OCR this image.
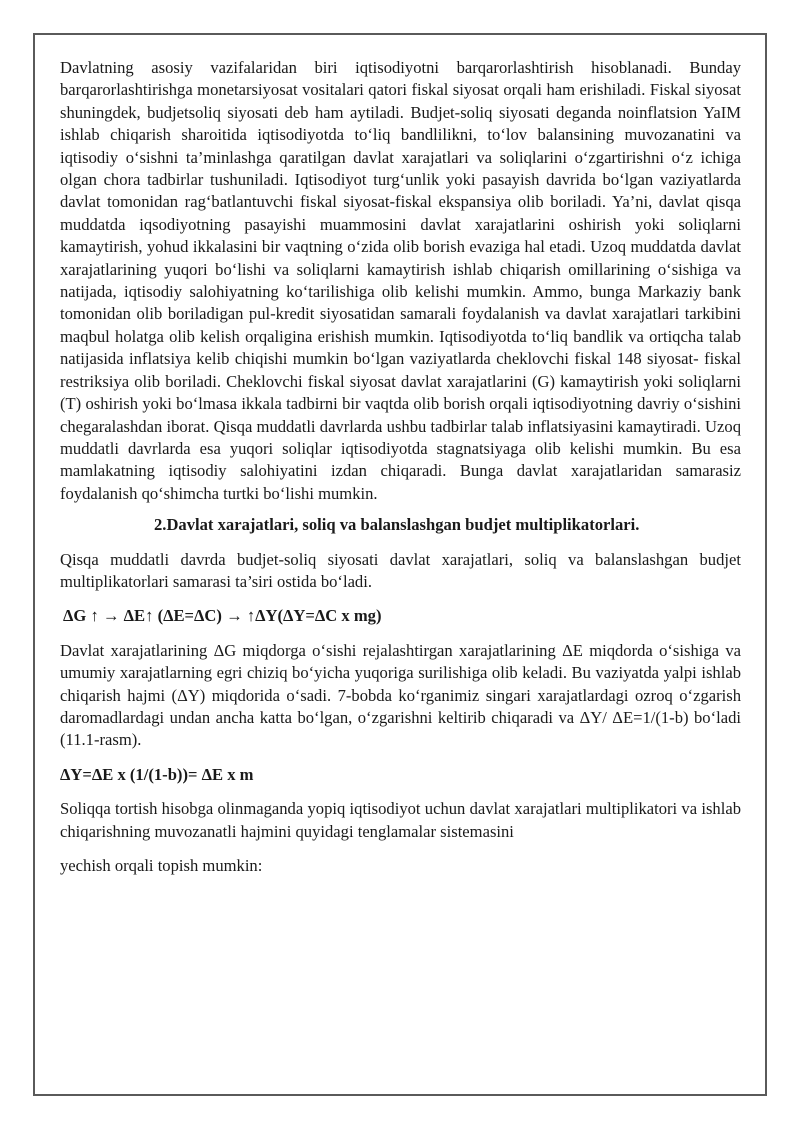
Davlatning asosiy vazifalaridan biri iqtisodiyotni barqarorlashtirish hisoblanadi. Bunday barqarorlashtirishga monetarsiyosat vositalari qatori fiskal siyosat orqali ham erishiladi. Fiskal siyosat shuningdek, budjetsoliq siyosati deb ham aytiladi. Budjet-soliq siyosati deganda noinflatsion YaIM ishlab chiqarish sharoitida iqtisodiyotda to‘liq bandlilikni, to‘lov balansining muvozanatini va iqtisodiy o‘sishni ta’minlashga qaratilgan davlat xarajatlari va soliqlarini o‘zgartirishni o‘z ichiga olgan chora tadbirlar tushuniladi. Iqtisodiyot turg‘unlik yoki pasayish davrida bo‘lgan vaziyatlarda davlat tomonidan rag‘batlantuvchi fiskal siyosat-fiskal ekspansiya olib boriladi. Ya’ni, davlat qisqa muddatda iqsodiyotning pasayishi muammosini davlat xarajatlarini oshirish yoki soliqlarni kamaytirish, yohud ikkalasini bir vaqtning o‘zida olib borish evaziga hal etadi. Uzoq muddatda davlat xarajatlarining yuqori bo‘lishi va soliqlarni kamaytirish ishlab chiqarish omillarining o‘sishiga va natijada, iqtisodiy salohiyatning ko‘tarilishiga olib kelishi mumkin. Ammo, bunga Markaziy bank tomonidan olib boriladigan pul-kredit siyosatidan samarali foydalanish va davlat xarajatlari tarkibini maqbul holatga olib kelish orqaligina erishish mumkin. Iqtisodiyotda to‘liq bandlik va ortiqcha talab natijasida inflatsiya kelib chiqishi mumkin bo‘lgan vaziyatlarda cheklovchi fiskal 148 siyosat- fiskal restriksiya olib boriladi. Cheklovchi fiskal siyosat davlat xarajatlarini (G) kamaytirish yoki soliqlarni (T) oshirish yoki bo‘lmasa ikkala tadbirni bir vaqtda olib borish orqali iqtisodiyotning davriy o‘sishini chegaralashdan iborat. Qisqa muddatli davrlarda ushbu tadbirlar talab inflatsiyasini kamaytiradi. Uzoq muddatli davrlarda esa yuqori soliqlar iqtisodiyotda stagnatsiyaga olib kelishi mumkin. Bu esa mamlakatning iqtisodiy salohiyatini izdan chiqaradi. Bunga davlat xarajatlaridan samarasiz foydalanish qo‘shimcha turtki bo‘lishi mumkin.

2.Davlat xarajatlari, soliq va balanslashgan budjet multiplikatorlari.

Qisqa muddatli davrda budjet-soliq siyosati davlat xarajatlari, soliq va balanslashgan budjet multiplikatorlari samarasi ta’siri ostida bo‘ladi.

ΔG ↑ → ΔE↑ (ΔE=ΔC) → ↑ΔY(ΔY=ΔC x mg)

Davlat xarajatlarining ΔG miqdorga o‘sishi rejalashtirgan xarajatlarining ΔE miqdorda o‘sishiga va umumiy xarajatlarning egri chiziq bo‘yicha yuqoriga surilishiga olib keladi. Bu vaziyatda yalpi ishlab chiqarish hajmi (ΔY) miqdorida o‘sadi. 7-bobda ko‘rganimiz singari xarajatlardagi ozroq o‘zgarish daromadlardagi undan ancha katta bo‘lgan, o‘zgarishni keltirib chiqaradi va ΔY/ ΔE=1/(1-b) bo‘ladi (11.1-rasm).

ΔY=ΔE x (1/(1-b))= ΔE x m

Soliqqa tortish hisobga olinmaganda yopiq iqtisodiyot uchun davlat xarajatlari multiplikatori va ishlab chiqarishning muvozanatli hajmini quyidagi tenglamalar sistemasini

yechish orqali topish mumkin:
